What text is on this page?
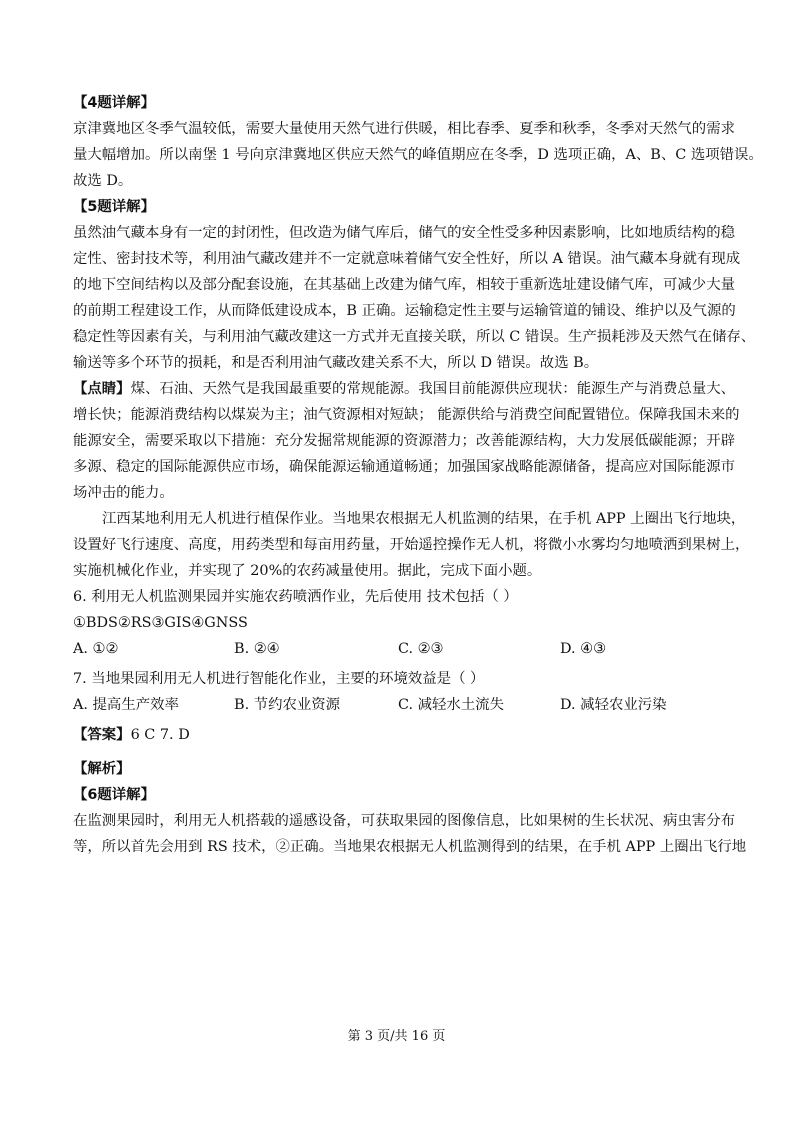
【4题详解】
京津冀地区冬季气温较低，需要大量使用天然气进行供暖，相比春季、夏季和秋季，冬季对天然气的需求
量大幅增加。所以南堡 1 号向京津冀地区供应天然气的峰值期应在冬季，D 选项正确，A、B、C 选项错误。
故选 D。
【5题详解】
虽然油气藏本身有一定的封闭性，但改造为储气库后，储气的安全性受多种因素影响，比如地质结构的稳
定性、密封技术等，利用油气藏改建并不一定就意味着储气安全性好，所以 A 错误。油气藏本身就有现成
的地下空间结构以及部分配套设施，在其基础上改建为储气库，相较于重新选址建设储气库，可减少大量
的前期工程建设工作，从而降低建设成本，B 正确。运输稳定性主要与运输管道的铺设、维护以及气源的
稳定性等因素有关，与利用油气藏改建这一方式并无直接关联，所以 C 错误。生产损耗涉及天然气在储存、
输送等多个环节的损耗，和是否利用油气藏改建关系不大，所以 D 错误。故选 B。
【点睛】煤、石油、天然气是我国最重要的常规能源。我国目前能源供应现状：能源生产与消费总量大、
增长快；能源消费结构以煤炭为主；油气资源相对短缺； 能源供给与消费空间配置错位。保障我国未来的
能源安全，需要采取以下措施：充分发掘常规能源的资源潜力；改善能源结构，大力发展低碳能源；开辟
多源、稳定的国际能源供应市场，确保能源运输通道畅通；加强国家战略能源储备，提高应对国际能源市
场冲击的能力。
江西某地利用无人机进行植保作业。当地果农根据无人机监测的结果，在手机 APP 上圈出飞行地块，
设置好飞行速度、高度，用药类型和每亩用药量，开始遥控操作无人机，将微小水雾均匀地喷洒到果树上，
实施机械化作业，并实现了 20%的农药减量使用。据此，完成下面小题。
6. 利用无人机监测果园并实施农药喷洒作业，先后使用 技术包括（ ）
①BDS②RS③GIS④GNSS
A. ①②	B. ②④	C. ②③	D. ④③
7. 当地果园利用无人机进行智能化作业，主要的环境效益是（ ）
A. 提高生产效率	B. 节约农业资源	C. 减轻水土流失	D. 减轻农业污染
【答案】6 C 7. D
【解析】
【6题详解】
在监测果园时，利用无人机搭载的遥感设备，可获取果园的图像信息，比如果树的生长状况、病虫害分布
等，所以首先会用到 RS 技术，②正确。当地果农根据无人机监测得到的结果，在手机 APP 上圈出飞行地
第 3 页/共 16 页
